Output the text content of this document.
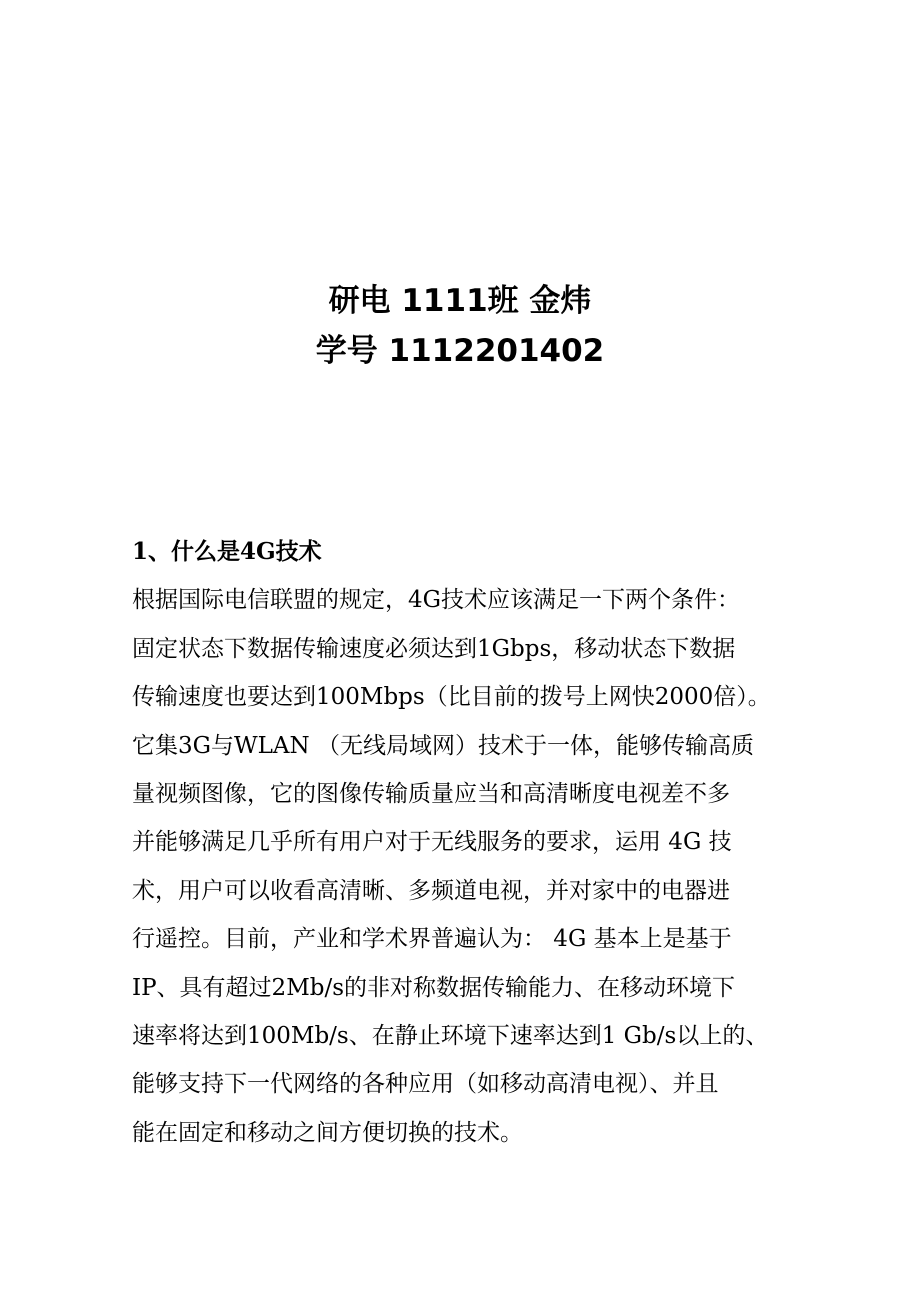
研电 1111班 金炜
学号 1112201402
1、什么是4G技术
根据国际电信联盟的规定，4G技术应该满足一下两个条件：
固定状态下数据传输速度必须达到1Gbps，移动状态下数据
传输速度也要达到100Mbps（比目前的拨号上网快2000倍）。
它集3G与WLAN （无线局域网）技术于一体，能够传输高质
量视频图像，它的图像传输质量应当和高清晰度电视差不多
并能够满足几乎所有用户对于无线服务的要求，运用 4G 技
术，用户可以收看高清晰、多频道电视，并对家中的电器进
行遥控。目前，产业和学术界普遍认为： 4G 基本上是基于
IP、具有超过2Mb/s的非对称数据传输能力、在移动环境下
速率将达到100Mb/s、在静止环境下速率达到1 Gb/s以上的、
能够支持下一代网络的各种应用（如移动高清电视）、并且
能在固定和移动之间方便切换的技术。
